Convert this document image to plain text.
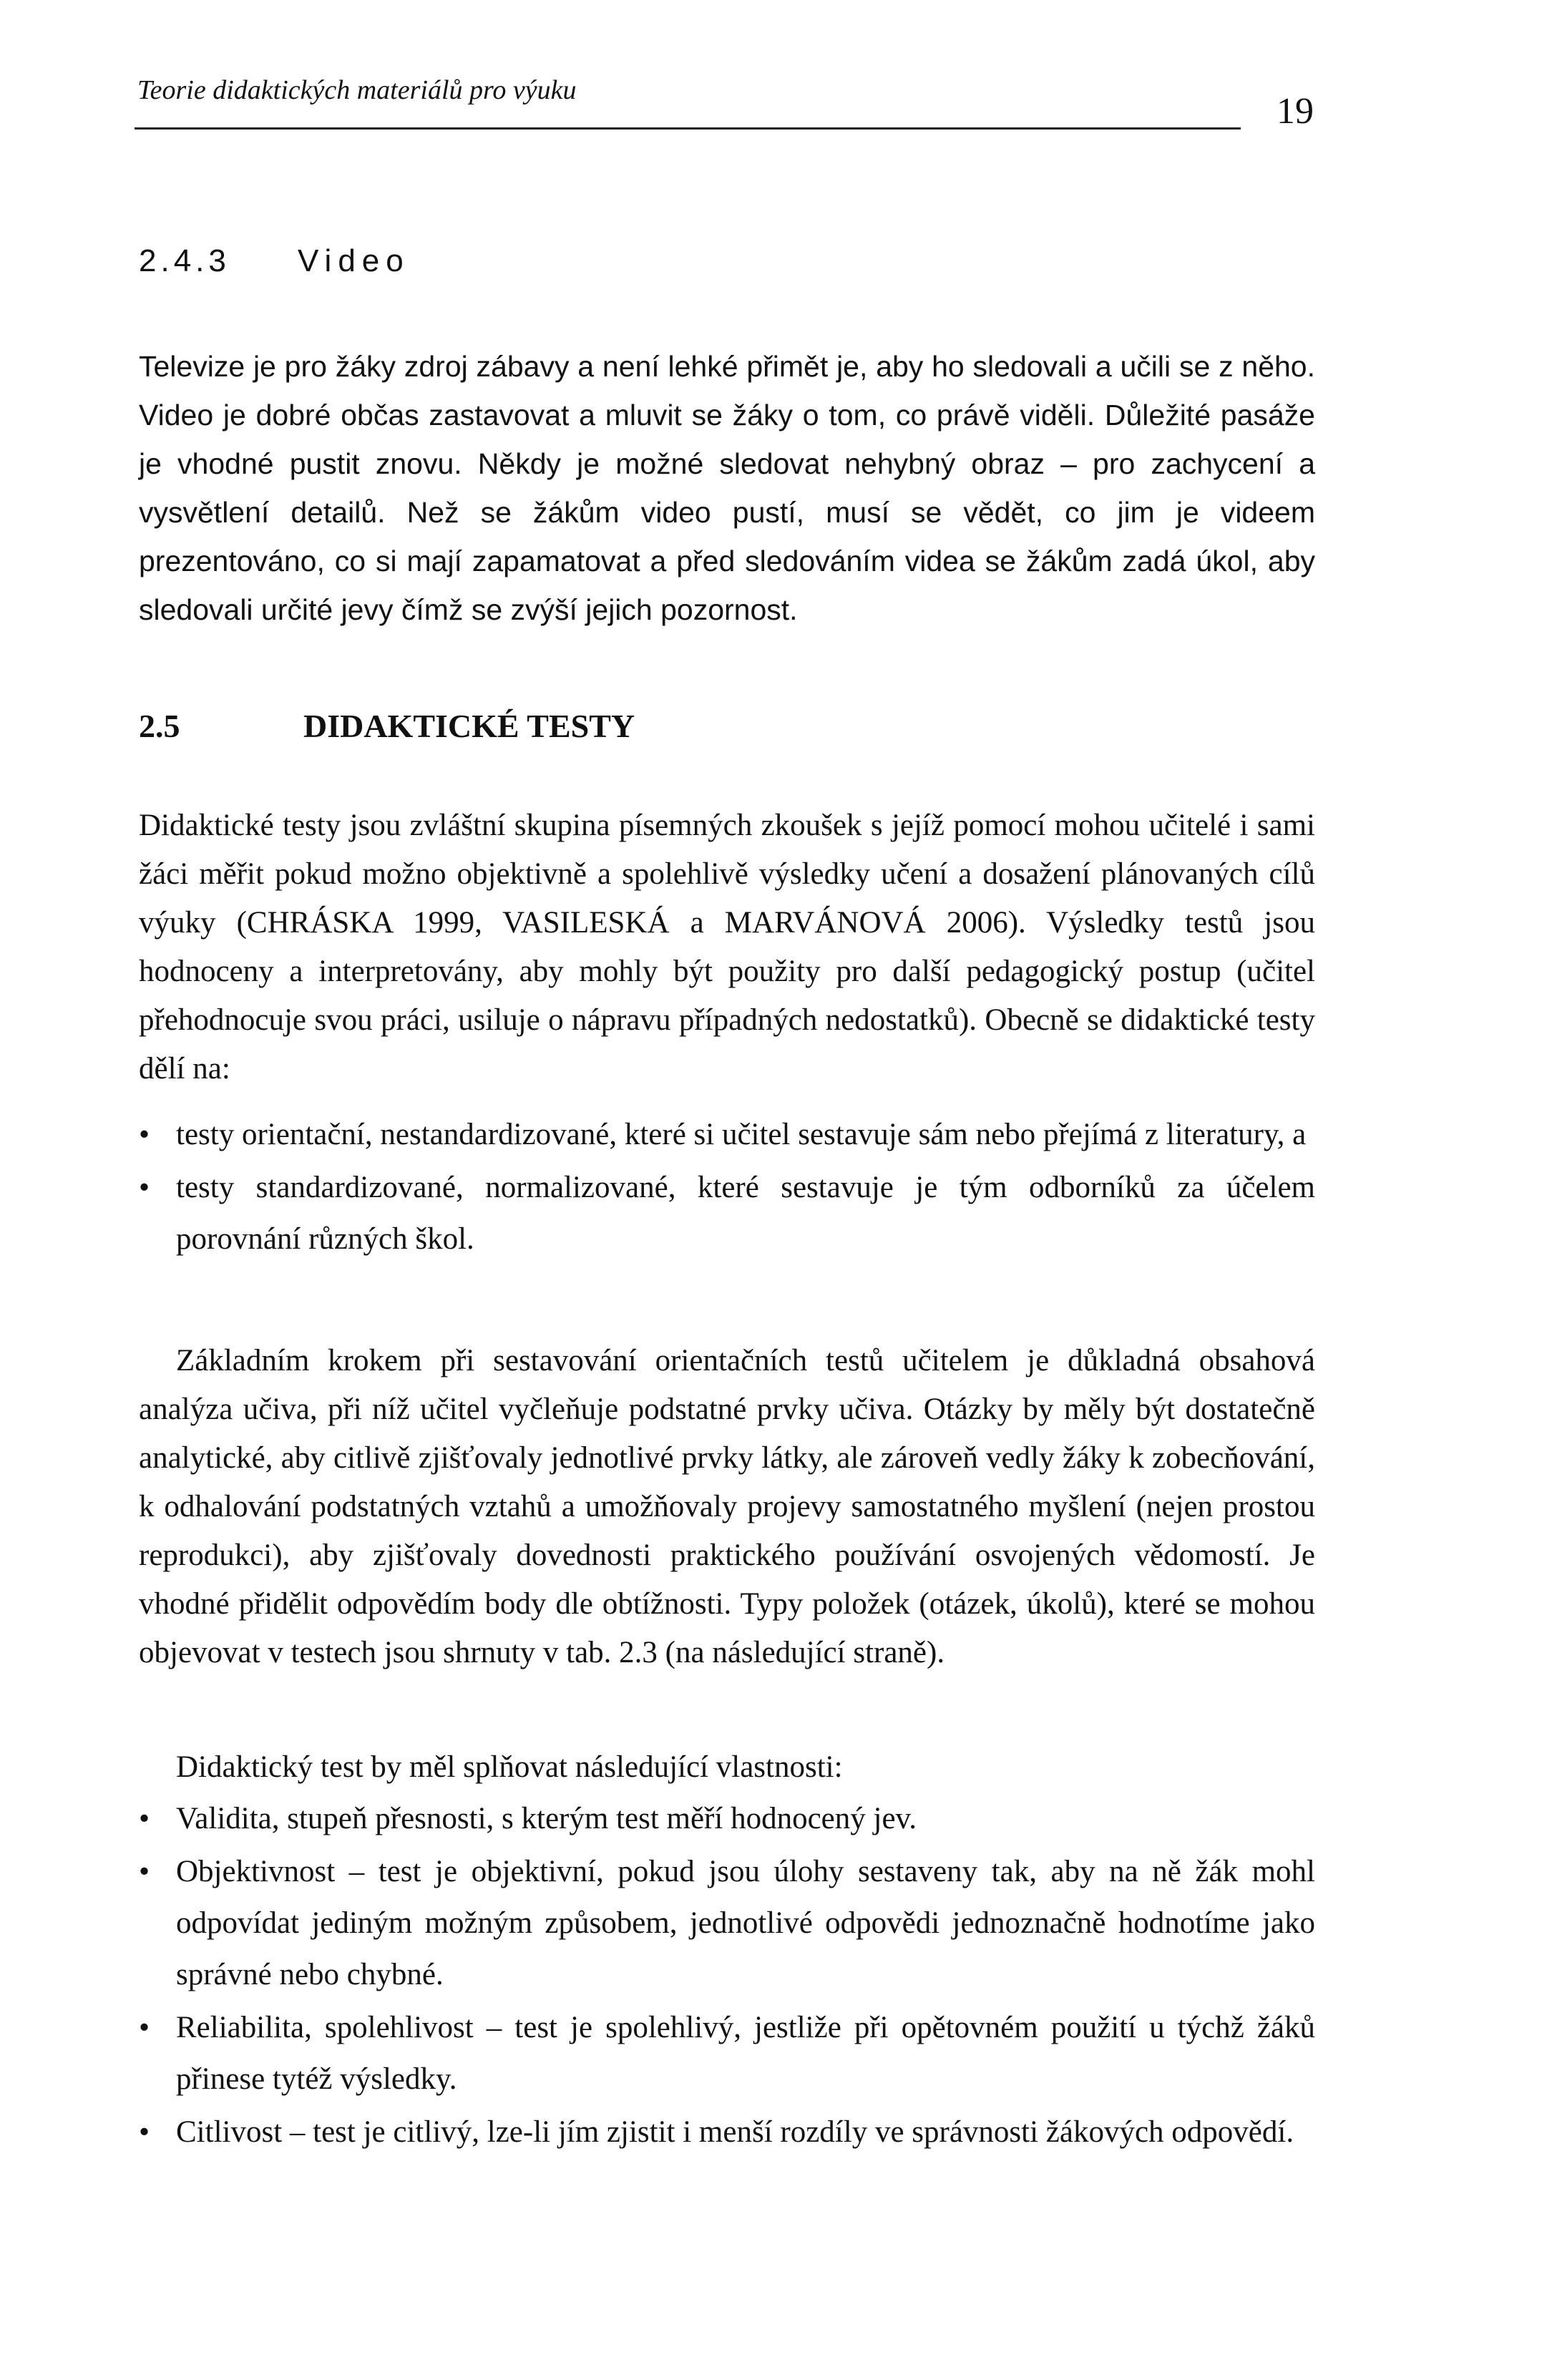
Teorie didaktických materiálů pro výuku
19
2.4.3 Video

Televize je pro žáky zdroj zábavy a není lehké přimět je, aby ho sledovali a učili se z něho. Video je dobré občas zastavovat a mluvit se žáky o tom, co právě viděli. Důležité pasáže je vhodné pustit znovu. Někdy je možné sledovat nehybný obraz – pro zachycení a vysvětlení detailů. Než se žákům video pustí, musí se vědět, co jim je videem prezentováno, co si mají zapamatovat a před sledováním videa se žákům zadá úkol, aby sledovali určité jevy čímž se zvýší jejich pozornost.

2.5	DIDAKTICKÉ TESTY

Didaktické testy jsou zvláštní skupina písemných zkoušek s jejíž pomocí mohou učitelé i sami žáci měřit pokud možno objektivně a spolehlivě výsledky učení a dosažení plánovaných cílů výuky (CHRÁSKA 1999, VASILESKÁ a MARVÁNOVÁ 2006). Výsledky testů jsou hodnoceny a interpretovány, aby mohly být použity pro další pedagogický postup (učitel přehodnocuje svou práci, usiluje o nápravu případných nedostatků). Obecně se didaktické testy dělí na:

• testy orientační, nestandardizované, které si učitel sestavuje sám nebo přejímá z literatury, a
• testy standardizované, normalizované, které sestavuje je tým odborníků za účelem porovnání různých škol.

Základním krokem při sestavování orientačních testů učitelem je důkladná obsahová analýza učiva, při níž učitel vyčleňuje podstatné prvky učiva. Otázky by měly být dostatečně analytické, aby citlivě zjišťovaly jednotlivé prvky látky, ale zároveň vedly žáky k zobecňování, k odhalování podstatných vztahů a umožňovaly projevy samostatného myšlení (nejen prostou reprodukci), aby zjišťovaly dovednosti praktického používání osvojených vědomostí. Je vhodné přidělit odpovědím body dle obtížnosti. Typy položek (otázek, úkolů), které se mohou objevovat v testech jsou shrnuty v tab. 2.3 (na následující straně).

Didaktický test by měl splňovat následující vlastnosti:

• Validita, stupeň přesnosti, s kterým test měří hodnocený jev.
• Objektivnost – test je objektivní, pokud jsou úlohy sestaveny tak, aby na ně žák mohl odpovídat jediným možným způsobem, jednotlivé odpovědi jednoznačně hodnotíme jako správné nebo chybné.
• Reliabilita, spolehlivost – test je spolehlivý, jestliže při opětovném použití u týchž žáků přinese tytéž výsledky.
• Citlivost – test je citlivý, lze-li jím zjistit i menší rozdíly ve správnosti žákových odpovědí.
